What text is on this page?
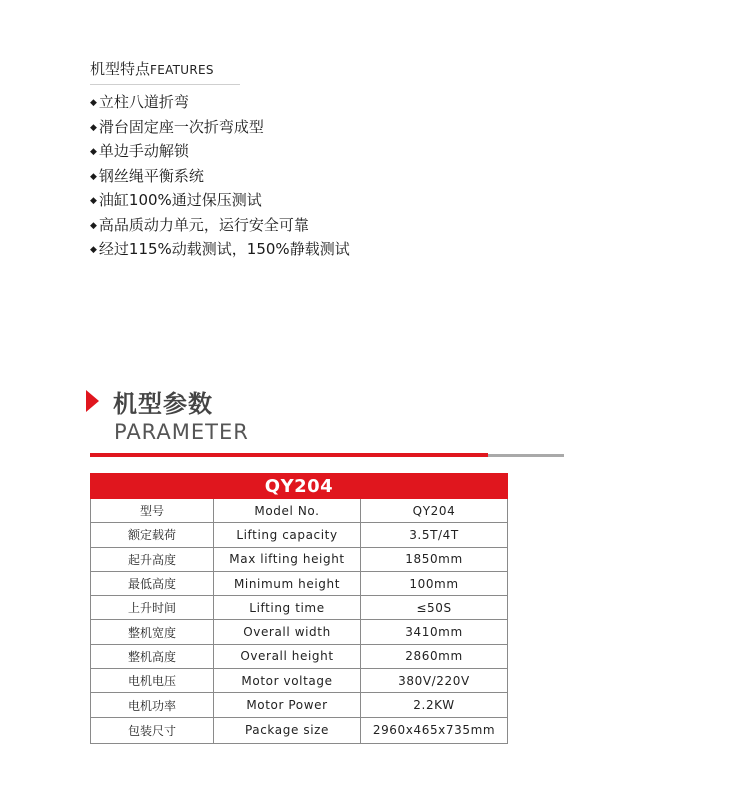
机型特点FEATURES
◆ 立柱八道折弯
◆ 滑台固定座一次折弯成型
◆ 单边手动解锁
◆ 钢丝绳平衡系统
◆ 油缸100%通过保压测试
◆ 高品质动力单元，运行安全可靠
◆ 经过115%动载测试，150%静载测试
机型参数
PARAMETER
QY204		
型号	Model No.	QY204
额定载荷	Lifting capacity	3.5T/4T
起升高度	Max lifting height	1850mm
最低高度	Minimum height	100mm
上升时间	Lifting time	≤50S
整机宽度	Overall width	3410mm
整机高度	Overall height	2860mm
电机电压	Motor voltage	380V/220V
电机功率	Motor Power	2.2KW
包装尺寸	Package size	2960x465x735mm
